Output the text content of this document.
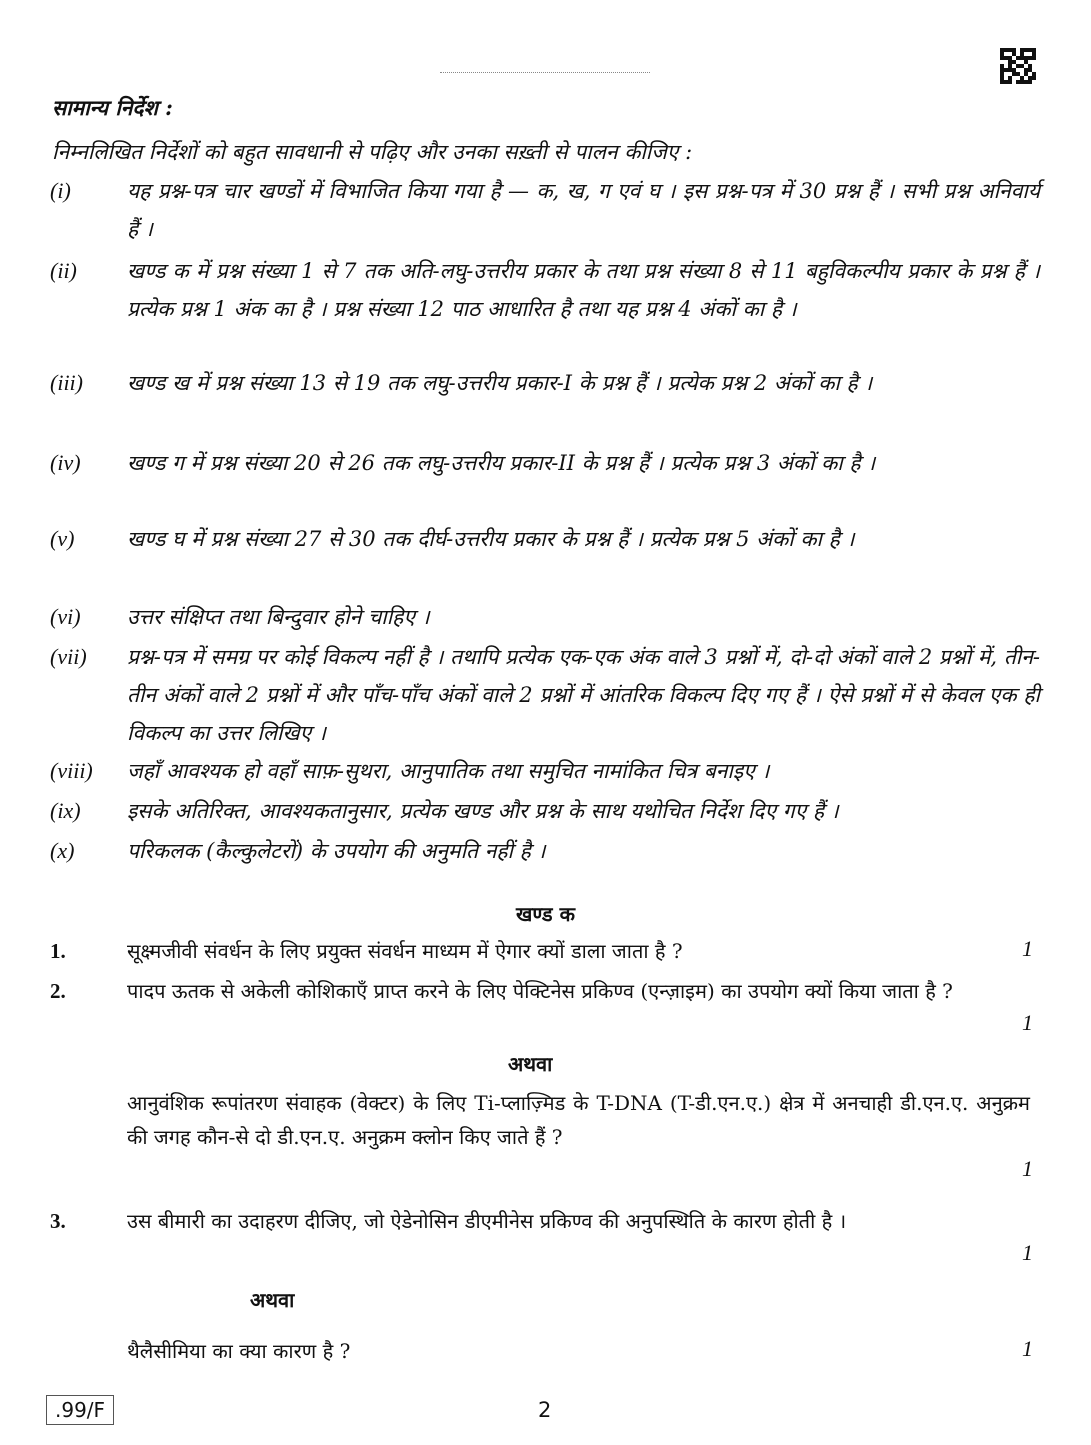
सामान्य निर्देश :
निम्नलिखित निर्देशों को बहुत सावधानी से पढ़िए और उनका सख़्ती से पालन कीजिए :
(i)	यह प्रश्न-पत्र चार खण्डों में विभाजित किया गया है — क, ख, ग एवं घ । इस प्रश्न-पत्र में 30 प्रश्न हैं । सभी प्रश्न अनिवार्य हैं ।
(ii)	खण्ड क में प्रश्न संख्या 1 से 7 तक अति-लघु-उत्तरीय प्रकार के तथा प्रश्न संख्या 8 से 11 बहुविकल्पीय प्रकार के प्रश्न हैं । प्रत्येक प्रश्न 1 अंक का है । प्रश्न संख्या 12 पाठ आधारित है तथा यह प्रश्न 4 अंकों का है ।
(iii)	खण्ड ख में प्रश्न संख्या 13 से 19 तक लघु-उत्तरीय प्रकार-I के प्रश्न हैं । प्रत्येक प्रश्न 2 अंकों का है ।
(iv)	खण्ड ग में प्रश्न संख्या 20 से 26 तक लघु-उत्तरीय प्रकार-II के प्रश्न हैं । प्रत्येक प्रश्न 3 अंकों का है ।
(v)	खण्ड घ में प्रश्न संख्या 27 से 30 तक दीर्घ-उत्तरीय प्रकार के प्रश्न हैं । प्रत्येक प्रश्न 5 अंकों का है ।
(vi)	उत्तर संक्षिप्त तथा बिन्दुवार होने चाहिए ।
(vii)	प्रश्न-पत्र में समग्र पर कोई विकल्प नहीं है । तथापि प्रत्येक एक-एक अंक वाले 3 प्रश्नों में, दो-दो अंकों वाले 2 प्रश्नों में, तीन-तीन अंकों वाले 2 प्रश्नों में और पाँच-पाँच अंकों वाले 2 प्रश्नों में आंतरिक विकल्प दिए गए हैं । ऐसे प्रश्नों में से केवल एक ही विकल्प का उत्तर लिखिए ।
(viii)	जहाँ आवश्यक हो वहाँ साफ़-सुथरा, आनुपातिक तथा समुचित नामांकित चित्र बनाइए ।
(ix)	इसके अतिरिक्त, आवश्यकतानुसार, प्रत्येक खण्ड और प्रश्न के साथ यथोचित निर्देश दिए गए हैं ।
(x)	परिकलक (कैल्कुलेटरों) के उपयोग की अनुमति नहीं है ।
खण्ड क
1.	सूक्ष्मजीवी संवर्धन के लिए प्रयुक्त संवर्धन माध्यम में ऐगार क्यों डाला जाता है ?	1
2.	पादप ऊतक से अकेली कोशिकाएँ प्राप्त करने के लिए पेक्टिनेस प्रकिण्व (एन्ज़ाइम) का उपयोग क्यों किया जाता है ?
1
अथवा
आनुवंशिक रूपांतरण संवाहक (वेक्टर) के लिए Ti-प्लाज़्मिड के T-DNA (T-डी.एन.ए.) क्षेत्र में अनचाही डी.एन.ए. अनुक्रम की जगह कौन-से दो डी.एन.ए. अनुक्रम क्लोन किए जाते हैं ?
1
3.	उस बीमारी का उदाहरण दीजिए, जो ऐडेनोसिन डीएमीनेस प्रकिण्व की अनुपस्थिति के कारण होती है ।
1
अथवा
थैलैसीमिया का क्या कारण है ?	1
.99/F	2
